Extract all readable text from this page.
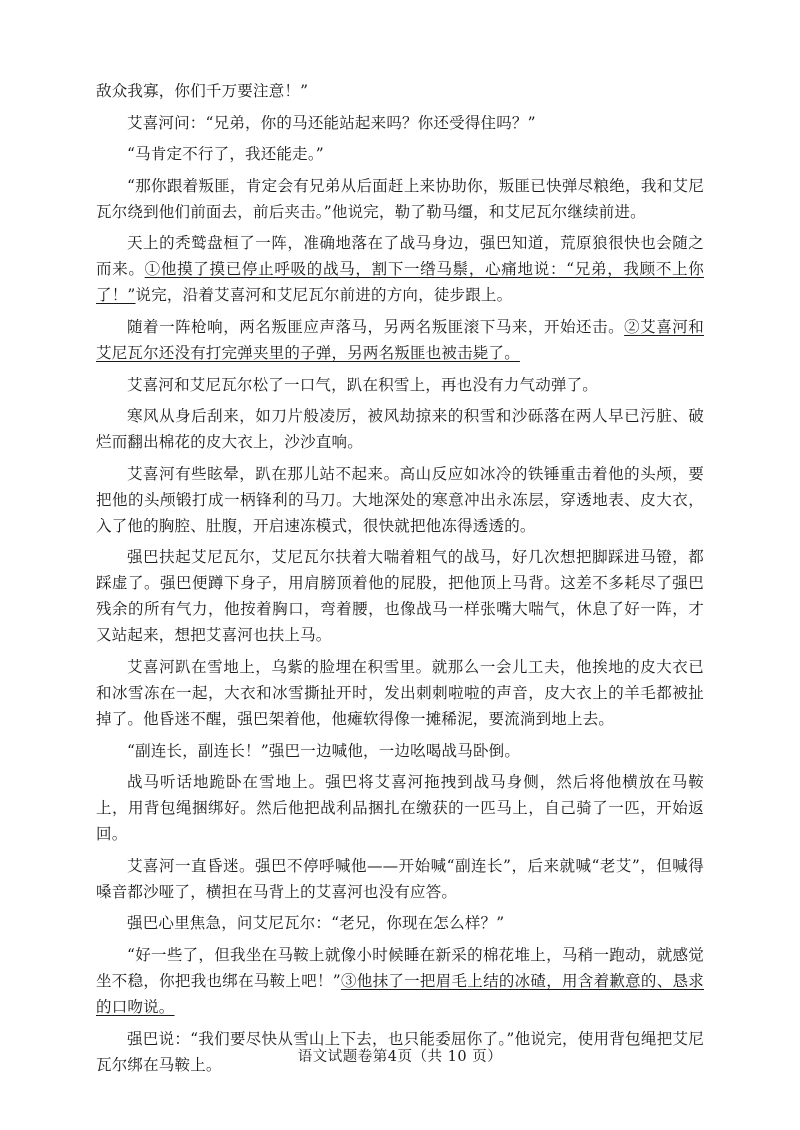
敌众我寡，你们千万要注意！”

艾喜河问：“兄弟，你的马还能站起来吗？你还受得住吗？”

“马肯定不行了，我还能走。”

“那你跟着叛匪，肯定会有兄弟从后面赶上来协助你，叛匪已快弹尽粮绝，我和艾尼瓦尔绕到他们前面去，前后夹击。”他说完，勒了勒马缰，和艾尼瓦尔继续前进。

天上的秃鹫盘桓了一阵，准确地落在了战马身边，强巴知道，荒原狼很快也会随之而来。①他摸了摸已停止呼吸的战马，割下一绺马鬃，心痛地说：“兄弟，我顾不上你了！”说完，沿着艾喜河和艾尼瓦尔前进的方向，徒步跟上。

随着一阵枪响，两名叛匪应声落马，另两名叛匪滚下马来，开始还击。②艾喜河和艾尼瓦尔还没有打完弹夹里的子弹，另两名叛匪也被击毙了。

艾喜河和艾尼瓦尔松了一口气，趴在积雪上，再也没有力气动弹了。

寒风从身后刮来，如刀片般凌厉，被风劫掠来的积雪和沙砾落在两人早已污脏、破烂而翻出棉花的皮大衣上，沙沙直响。

艾喜河有些眩晕，趴在那儿站不起来。高山反应如冰冷的铁锤重击着他的头颅，要把他的头颅锻打成一柄锋利的马刀。大地深处的寒意冲出永冻层，穿透地表、皮大衣，入了他的胸腔、肚腹，开启速冻模式，很快就把他冻得透透的。

强巴扶起艾尼瓦尔，艾尼瓦尔扶着大喘着粗气的战马，好几次想把脚踩进马镫，都踩虚了。强巴便蹲下身子，用肩膀顶着他的屁股，把他顶上马背。这差不多耗尽了强巴残余的所有气力，他按着胸口，弯着腰，也像战马一样张嘴大喘气，休息了好一阵，才又站起来，想把艾喜河也扶上马。

艾喜河趴在雪地上，乌紫的脸埋在积雪里。就那么一会儿工夫，他挨地的皮大衣已和冰雪冻在一起，大衣和冰雪撕扯开时，发出刺刺啦啦的声音，皮大衣上的羊毛都被扯掉了。他昏迷不醒，强巴架着他，他瘫软得像一摊稀泥，要流淌到地上去。

“副连长，副连长！”强巴一边喊他，一边吆喝战马卧倒。

战马听话地跪卧在雪地上。强巴将艾喜河拖拽到战马身侧，然后将他横放在马鞍上，用背包绳捆绑好。然后他把战利品捆扎在缴获的一匹马上，自己骑了一匹，开始返回。

艾喜河一直昏迷。强巴不停呼喊他——开始喊“副连长”，后来就喊“老艾”，但喊得嗓音都沙哑了，横担在马背上的艾喜河也没有应答。

强巴心里焦急，问艾尼瓦尔：“老兄，你现在怎么样？”

“好一些了，但我坐在马鞍上就像小时候睡在新采的棉花堆上，马稍一跑动，就感觉坐不稳，你把我也绑在马鞍上吧！”③他抹了一把眉毛上结的冰碴，用含着歉意的、恳求的口吻说。

强巴说：“我们要尽快从雪山上下去，也只能委屈你了。”他说完，使用背包绳把艾尼瓦尔绑在马鞍上。	语文试题卷第4页（共 10 页）
